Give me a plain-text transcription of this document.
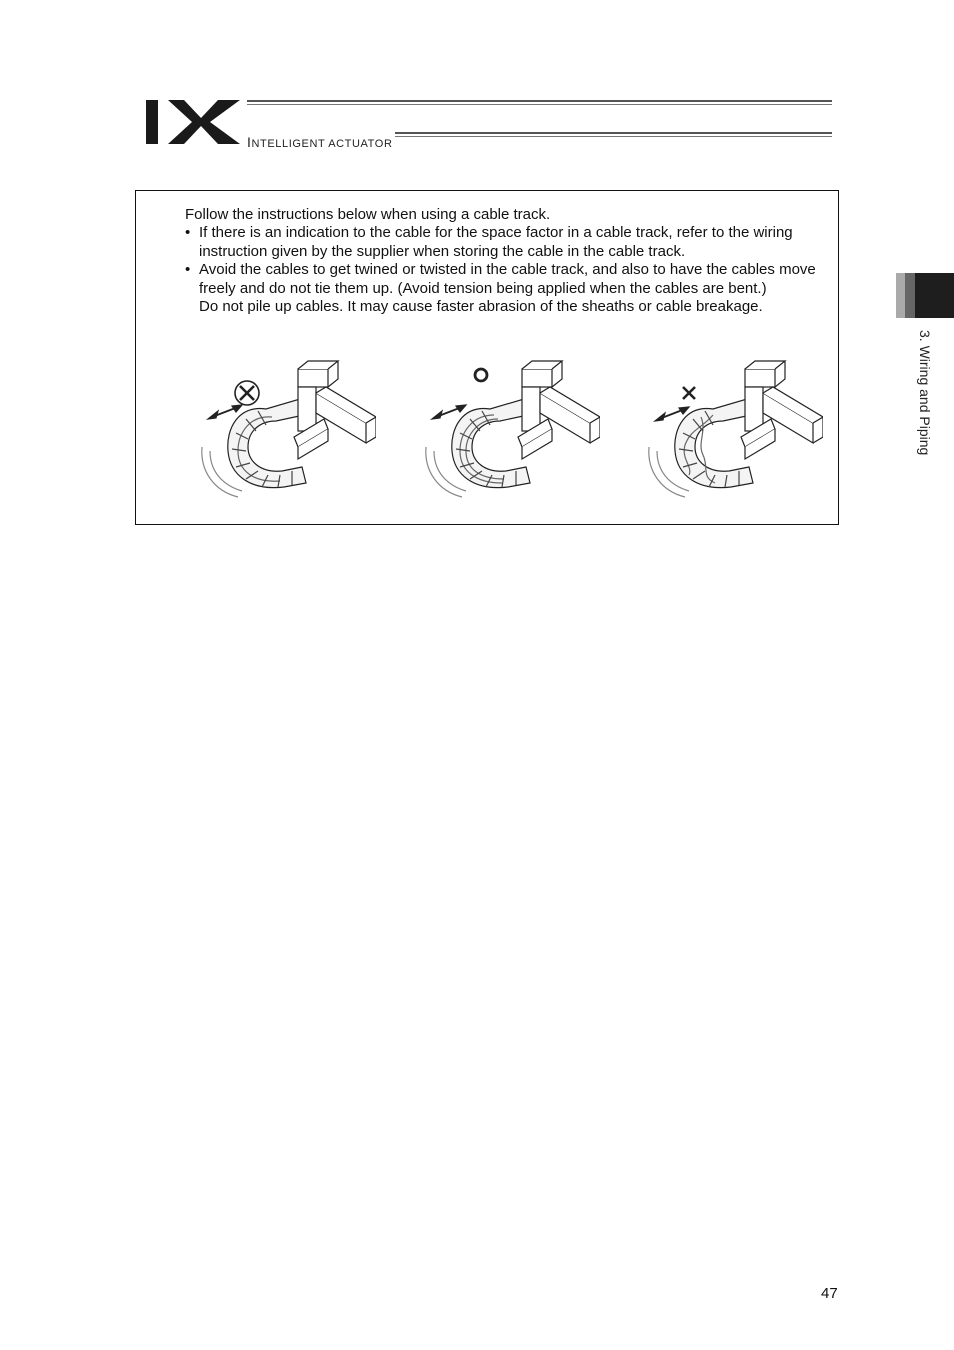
INTELLIGENT ACTUATOR
3. Wiring and Piping

Follow the instructions below when using a cable track.

• If there is an indication to the cable for the space factor in a cable track, refer to the wiring instruction given by the supplier when storing the cable in the cable track.

• Avoid the cables to get twined or twisted in the cable track, and also to have the cables move freely and do not tie them up. (Avoid tension being applied when the cables are bent.)
Do not pile up cables. It may cause faster abrasion of the sheaths or cable breakage.

47
